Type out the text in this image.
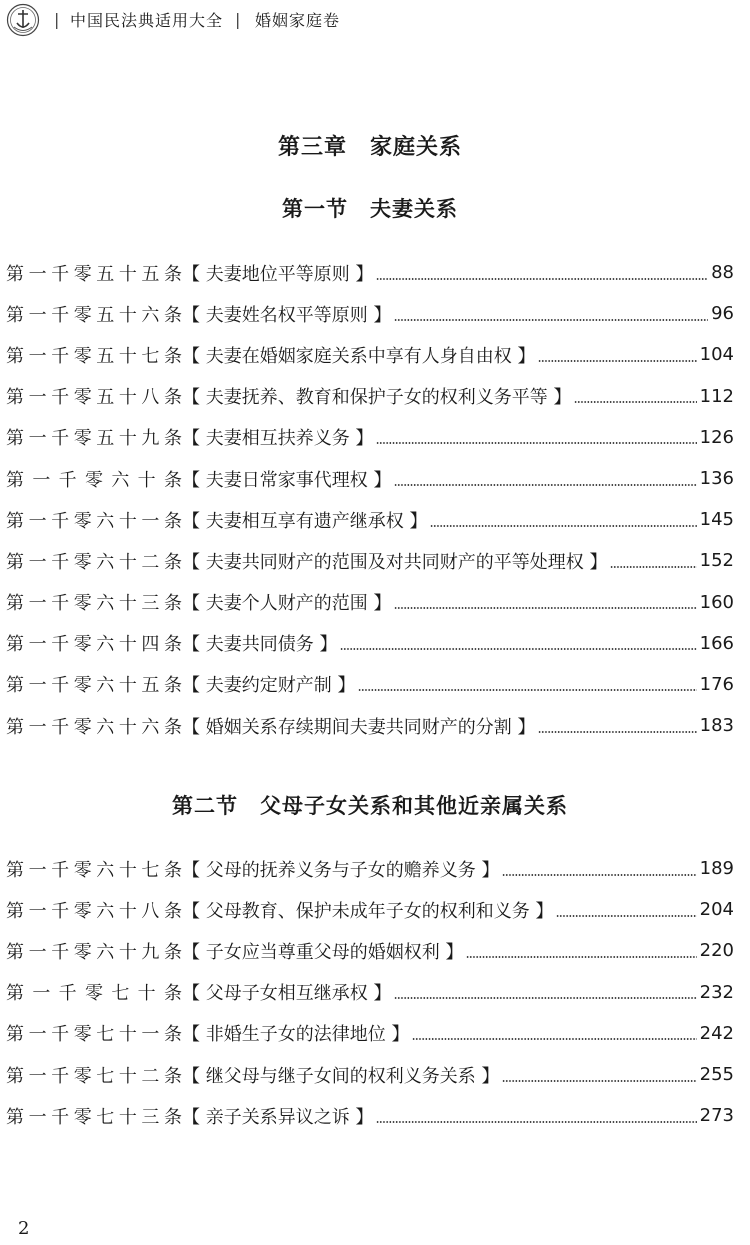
| 中国民法典适用大全 | 婚姻家庭卷
第三章　家庭关系
第一节　夫妻关系
第 一 千 零 五 十 五 条 【 夫妻地位平等原则 】	88
第 一 千 零 五 十 六 条 【 夫妻姓名权平等原则 】	96
第 一 千 零 五 十 七 条 【 夫妻在婚姻家庭关系中享有人身自由权 】	104
第 一 千 零 五 十 八 条 【 夫妻抚养、教育和保护子女的权利义务平等 】	112
第 一 千 零 五 十 九 条 【 夫妻相互扶养义务 】	126
第 一 千 零 六 十 条 【 夫妻日常家事代理权 】	136
第 一 千 零 六 十 一 条 【 夫妻相互享有遗产继承权 】	145
第 一 千 零 六 十 二 条 【 夫妻共同财产的范围及对共同财产的平等处理权 】	152
第 一 千 零 六 十 三 条 【 夫妻个人财产的范围 】	160
第 一 千 零 六 十 四 条 【 夫妻共同债务 】	166
第 一 千 零 六 十 五 条 【 夫妻约定财产制 】	176
第 一 千 零 六 十 六 条 【 婚姻关系存续期间夫妻共同财产的分割 】	183
第二节　父母子女关系和其他近亲属关系
第 一 千 零 六 十 七 条 【 父母的抚养义务与子女的赡养义务 】	189
第 一 千 零 六 十 八 条 【 父母教育、保护未成年子女的权利和义务 】	204
第 一 千 零 六 十 九 条 【 子女应当尊重父母的婚姻权利 】	220
第 一 千 零 七 十 条 【 父母子女相互继承权 】	232
第 一 千 零 七 十 一 条 【 非婚生子女的法律地位 】	242
第 一 千 零 七 十 二 条 【 继父母与继子女间的权利义务关系 】	255
第 一 千 零 七 十 三 条 【 亲子关系异议之诉 】	273
2
